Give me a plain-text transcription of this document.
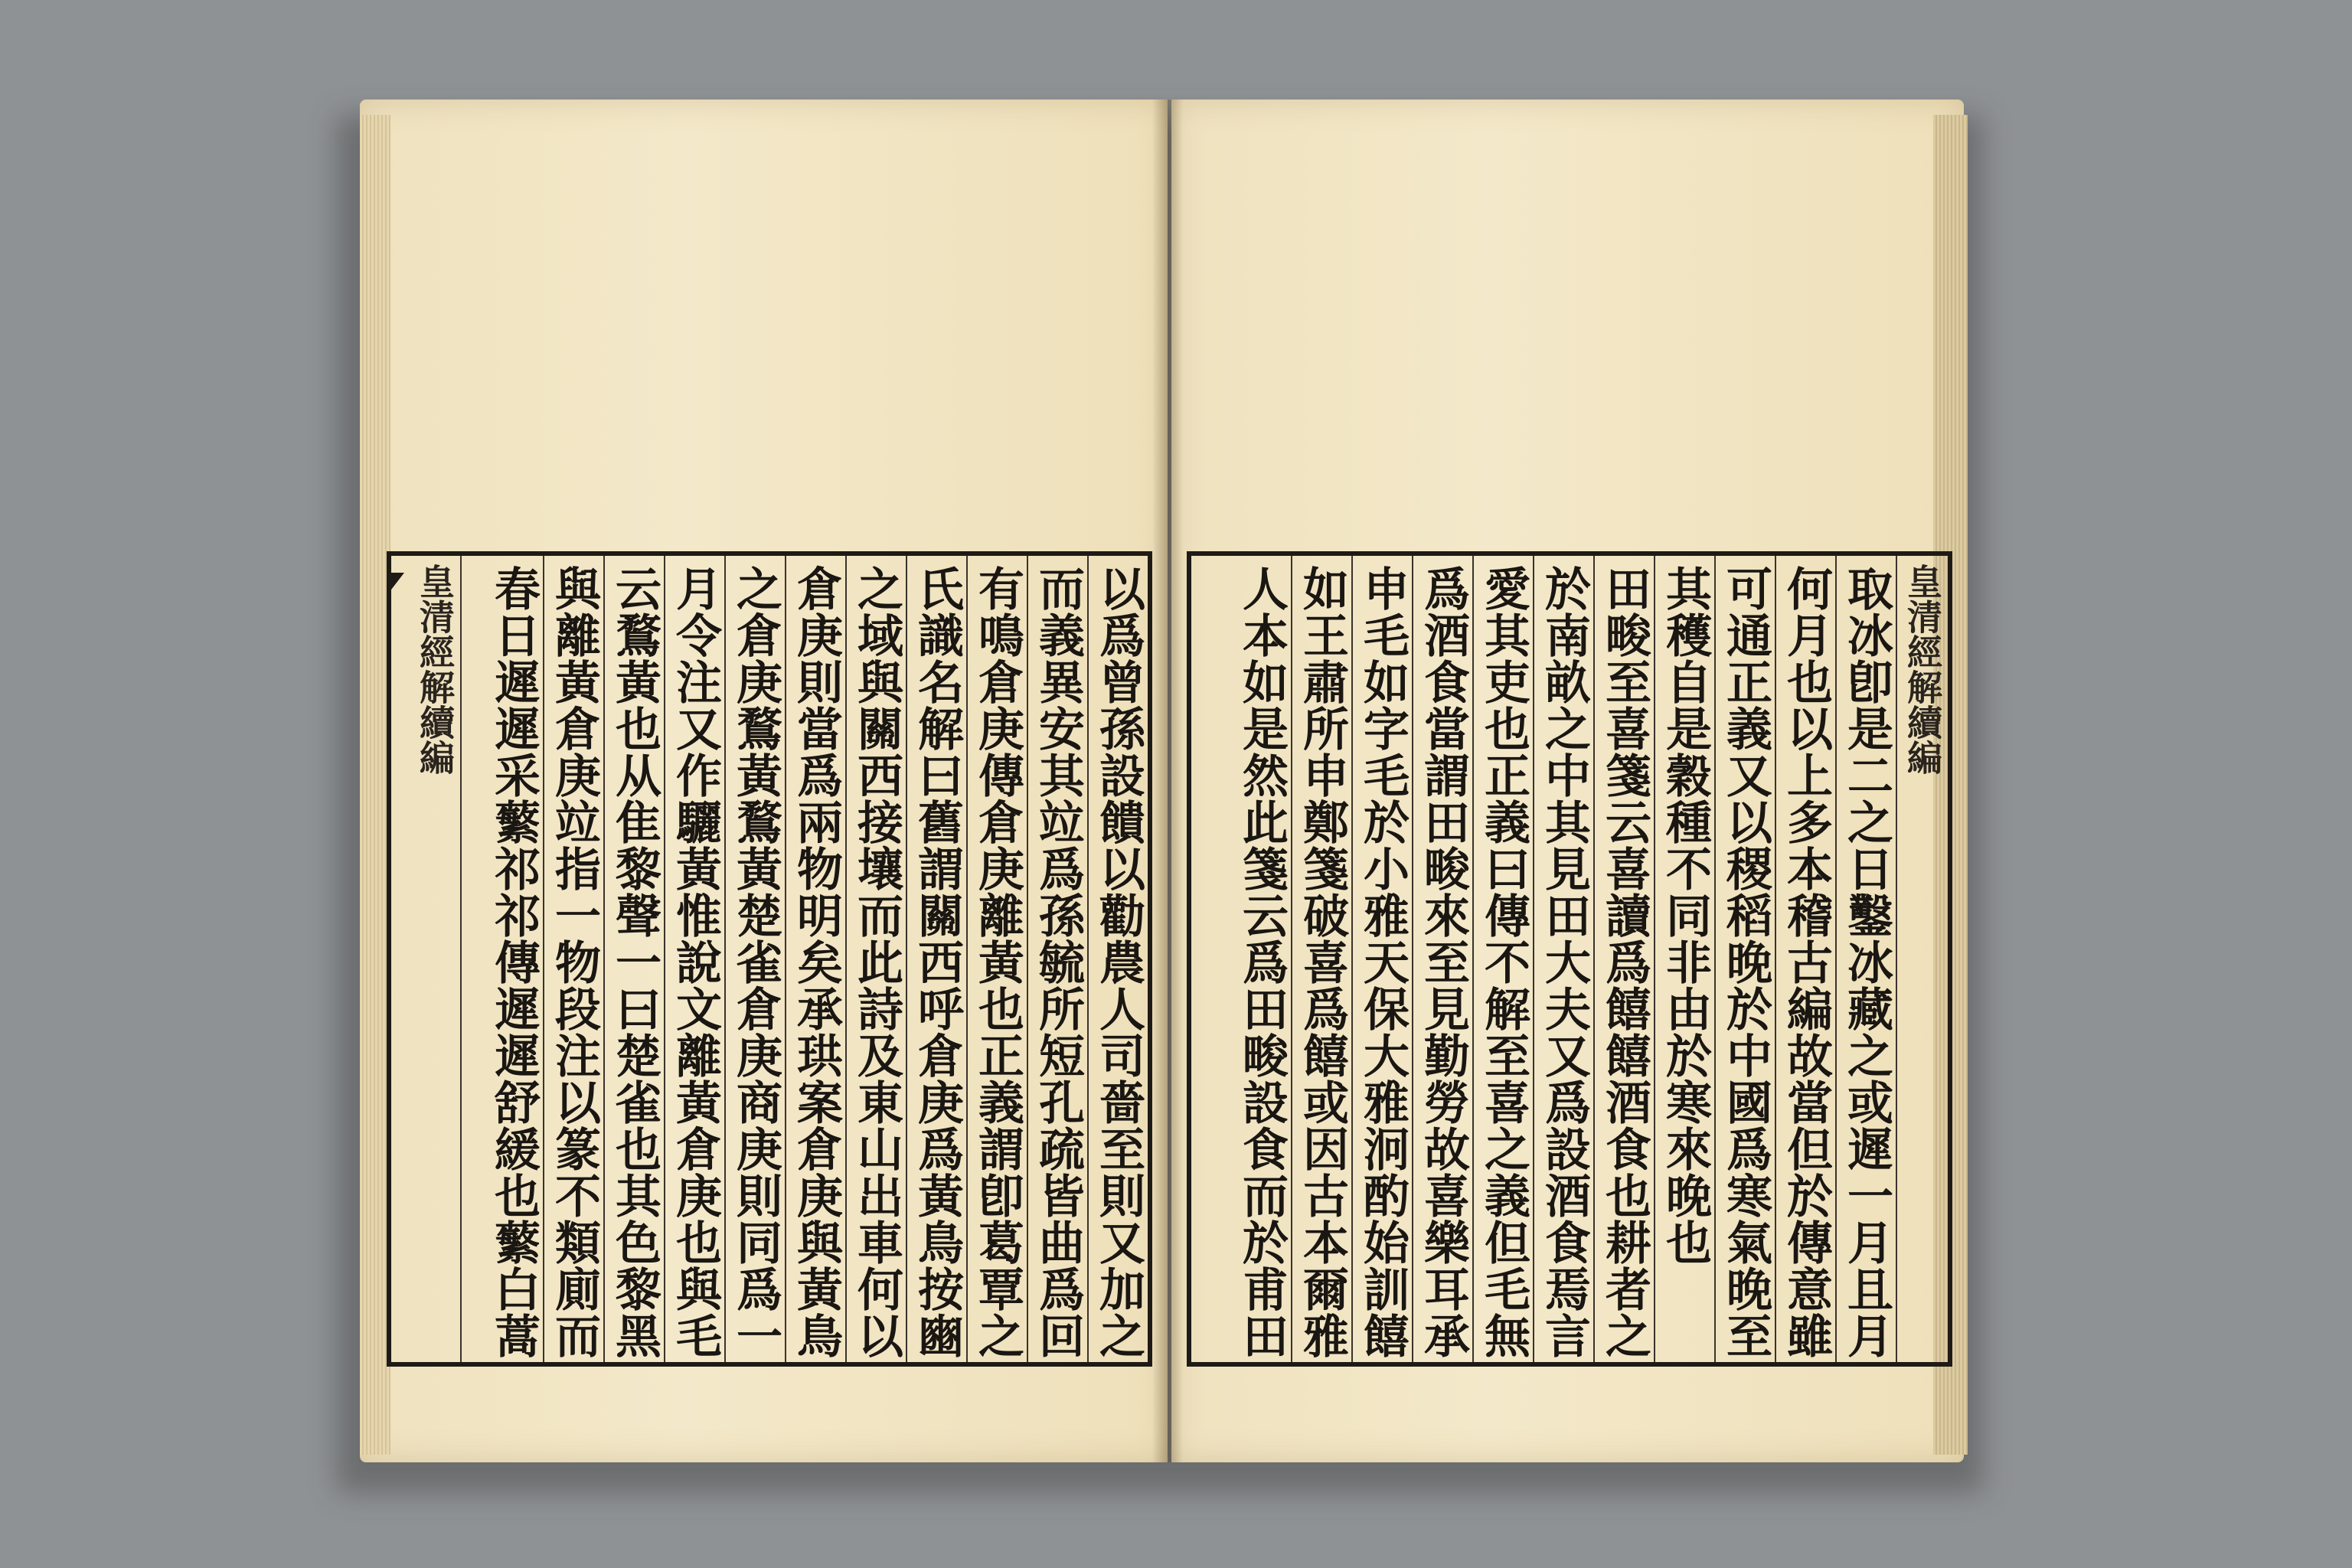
皇清經解續編	以爲曾孫設饋以勸農人司嗇至則又加之
而義異安其竝爲孫毓所短孔疏皆曲爲回
有鳴倉庚傳倉庚離黃也正義謂卽葛覃之
氏識名解曰舊謂關西呼倉庚爲黃鳥按豳
之域與關西接壤而此詩及東山出車何以
倉庚則當爲兩物明矣承珙案倉庚與黃鳥
之倉庚鶩黃鶩黃楚雀倉庚商庚則同爲一
月令注又作驪黃惟說文離黃倉庚也與毛
云鶩黃也从隹黎聲一曰楚雀也其色黎黑
與離黃倉庚竝指一物段注以篆不類廁而
春日遲遲采蘩祁祁傳遲遲舒緩也蘩白蒿
取冰卽是二之日鑿冰藏之或遲一月且月
何月也以上多本稽古編故當但於傳意雖
可通正義又以稷稻晚於中國爲寒氣晚至
其穫自是穀種不同非由於寒來晚也
田畯至喜箋云喜讀爲饎饎酒食也耕者之
於南畝之中其見田大夫又爲設酒食焉言
愛其吏也正義曰傳不解至喜之義但毛無
爲酒食當謂田畯來至見勤勞故喜樂耳承
申毛如字毛於小雅天保大雅泂酌始訓饎
如王肅所申鄭箋破喜爲饎或因古本爾雅
人本如是然此箋云爲田畯設食而於甫田
皇清經解續編
